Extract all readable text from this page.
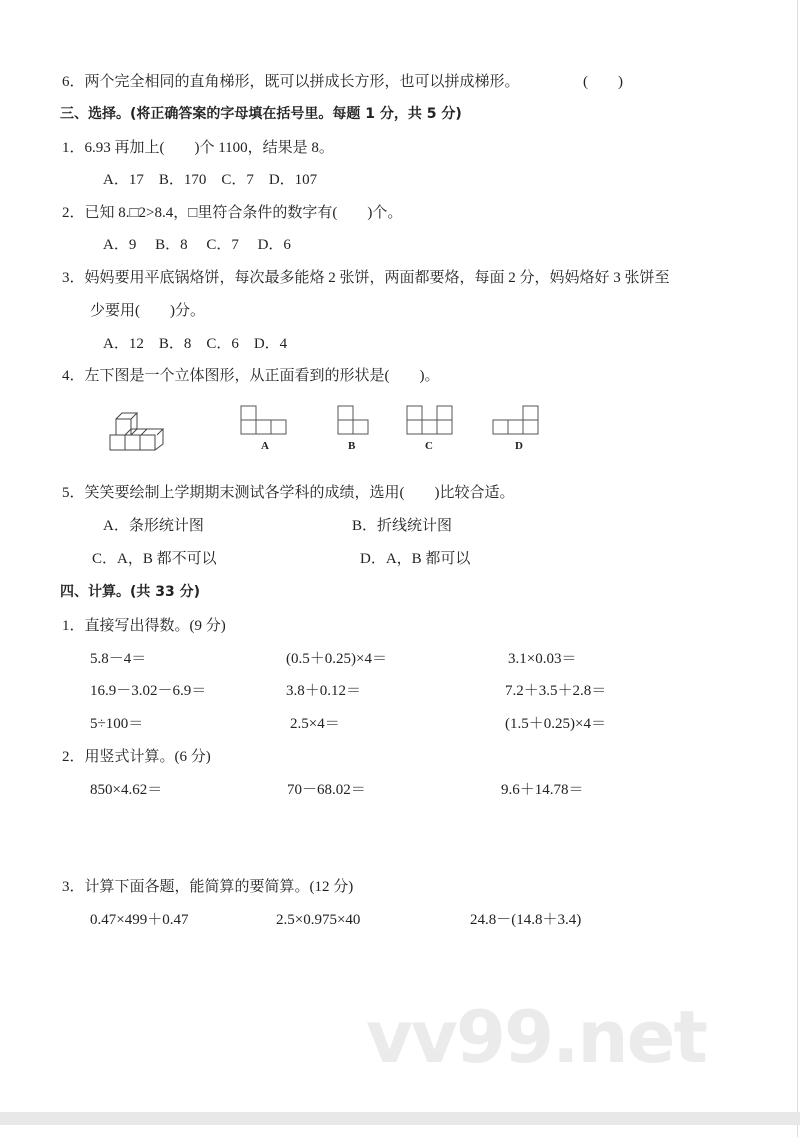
6．两个完全相同的直角梯形，既可以拼成长方形，也可以拼成梯形。	(        )
三、选择。(将正确答案的字母填在括号里。每题 1 分，共 5 分)
1．6.93 再加上(        )个 1100，结果是 8。
A．17    B．170    C．7    D．107
2．已知 8.□2>8.4，□里符合条件的数字有(        )个。
A．9     B．8     C．7     D．6
3．妈妈要用平底锅烙饼，每次最多能烙 2 张饼，两面都要烙，每面 2 分，妈妈烙好 3 张饼至
少要用(        )分。
A．12    B．8    C．6    D．4
4．左下图是一个立体图形，从正面看到的形状是(        )。
A	B	C	D
5．笑笑要绘制上学期期末测试各学科的成绩，选用(        )比较合适。
A．条形统计图	B．折线统计图
C．A，B 都不可以	D．A，B 都可以
四、计算。(共 33 分)
1．直接写出得数。(9 分)
5.8－4＝	(0.5＋0.25)×4＝	3.1×0.03＝
16.9－3.02－6.9＝	3.8＋0.12＝	7.2＋3.5＋2.8＝
5÷100＝	2.5×4＝	(1.5＋0.25)×4＝
2．用竖式计算。(6 分)
850×4.62＝	70－68.02＝	9.6＋14.78＝
3．计算下面各题，能简算的要简算。(12 分)
0.47×499＋0.47	2.5×0.975×40	24.8－(14.8＋3.4)
vv99.net
